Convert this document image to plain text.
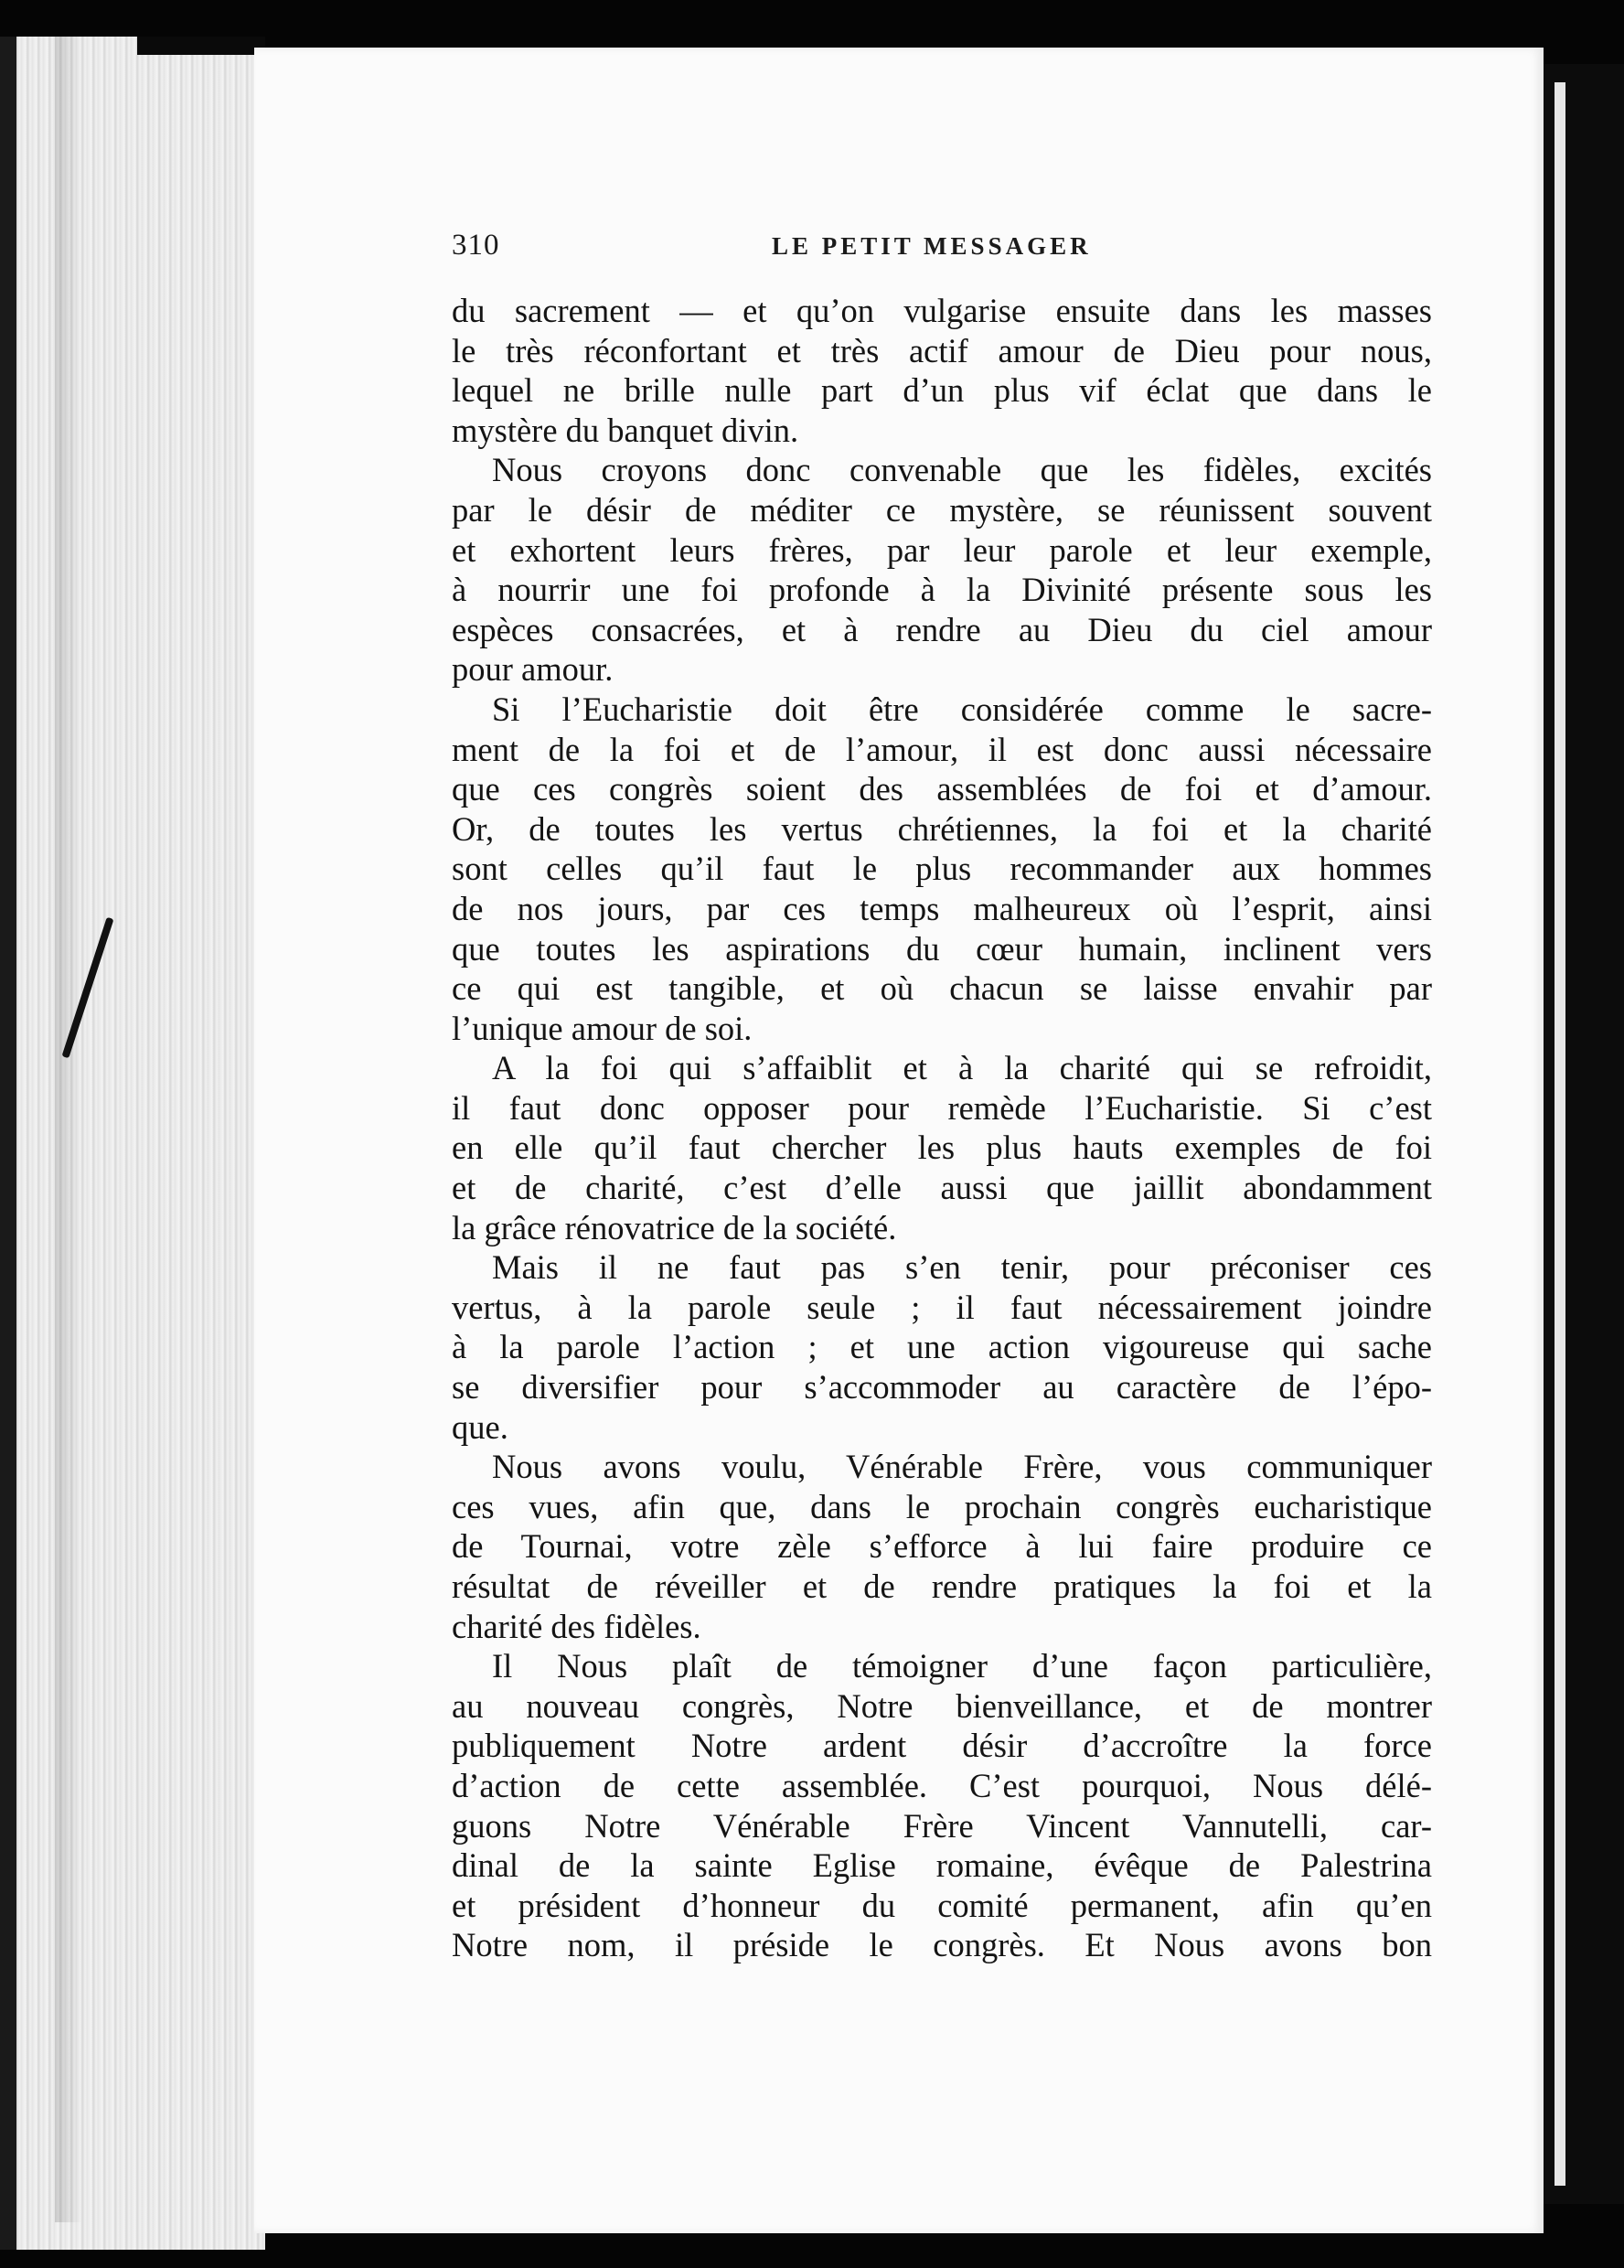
310	LE PETIT MESSAGER
du sacrement — et qu’on vulgarise ensuite dans les masses
le très réconfortant et très actif amour de Dieu pour nous,
lequel ne brille nulle part d’un plus vif éclat que dans le
mystère du banquet divin.
Nous croyons donc convenable que les fidèles, excités
par le désir de méditer ce mystère, se réunissent souvent
et exhortent leurs frères, par leur parole et leur exemple,
à nourrir une foi profonde à la Divinité présente sous les
espèces consacrées, et à rendre au Dieu du ciel amour
pour amour.
Si l’Eucharistie doit être considérée comme le sacre-
ment de la foi et de l’amour, il est donc aussi nécessaire
que ces congrès soient des assemblées de foi et d’amour.
Or, de toutes les vertus chrétiennes, la foi et la charité
sont celles qu’il faut le plus recommander aux hommes
de nos jours, par ces temps malheureux où l’esprit, ainsi
que toutes les aspirations du cœur humain, inclinent vers
ce qui est tangible, et où chacun se laisse envahir par
l’unique amour de soi.
A la foi qui s’affaiblit et à la charité qui se refroidit,
il faut donc opposer pour remède l’Eucharistie. Si c’est
en elle qu’il faut chercher les plus hauts exemples de foi
et de charité, c’est d’elle aussi que jaillit abondamment
la grâce rénovatrice de la société.
Mais il ne faut pas s’en tenir, pour préconiser ces
vertus, à la parole seule ; il faut nécessairement joindre
à la parole l’action ; et une action vigoureuse qui sache
se diversifier pour s’accommoder au caractère de l’épo-
que.
Nous avons voulu, Vénérable Frère, vous communiquer
ces vues, afin que, dans le prochain congrès eucharistique
de Tournai, votre zèle s’efforce à lui faire produire ce
résultat de réveiller et de rendre pratiques la foi et la
charité des fidèles.
Il Nous plaît de témoigner d’une façon particulière,
au nouveau congrès, Notre bienveillance, et de montrer
publiquement Notre ardent désir d’accroître la force
d’action de cette assemblée. C’est pourquoi, Nous délé-
guons Notre Vénérable Frère Vincent Vannutelli, car-
dinal de la sainte Eglise romaine, évêque de Palestrina
et président d’honneur du comité permanent, afin qu’en
Notre nom, il préside le congrès. Et Nous avons bon
